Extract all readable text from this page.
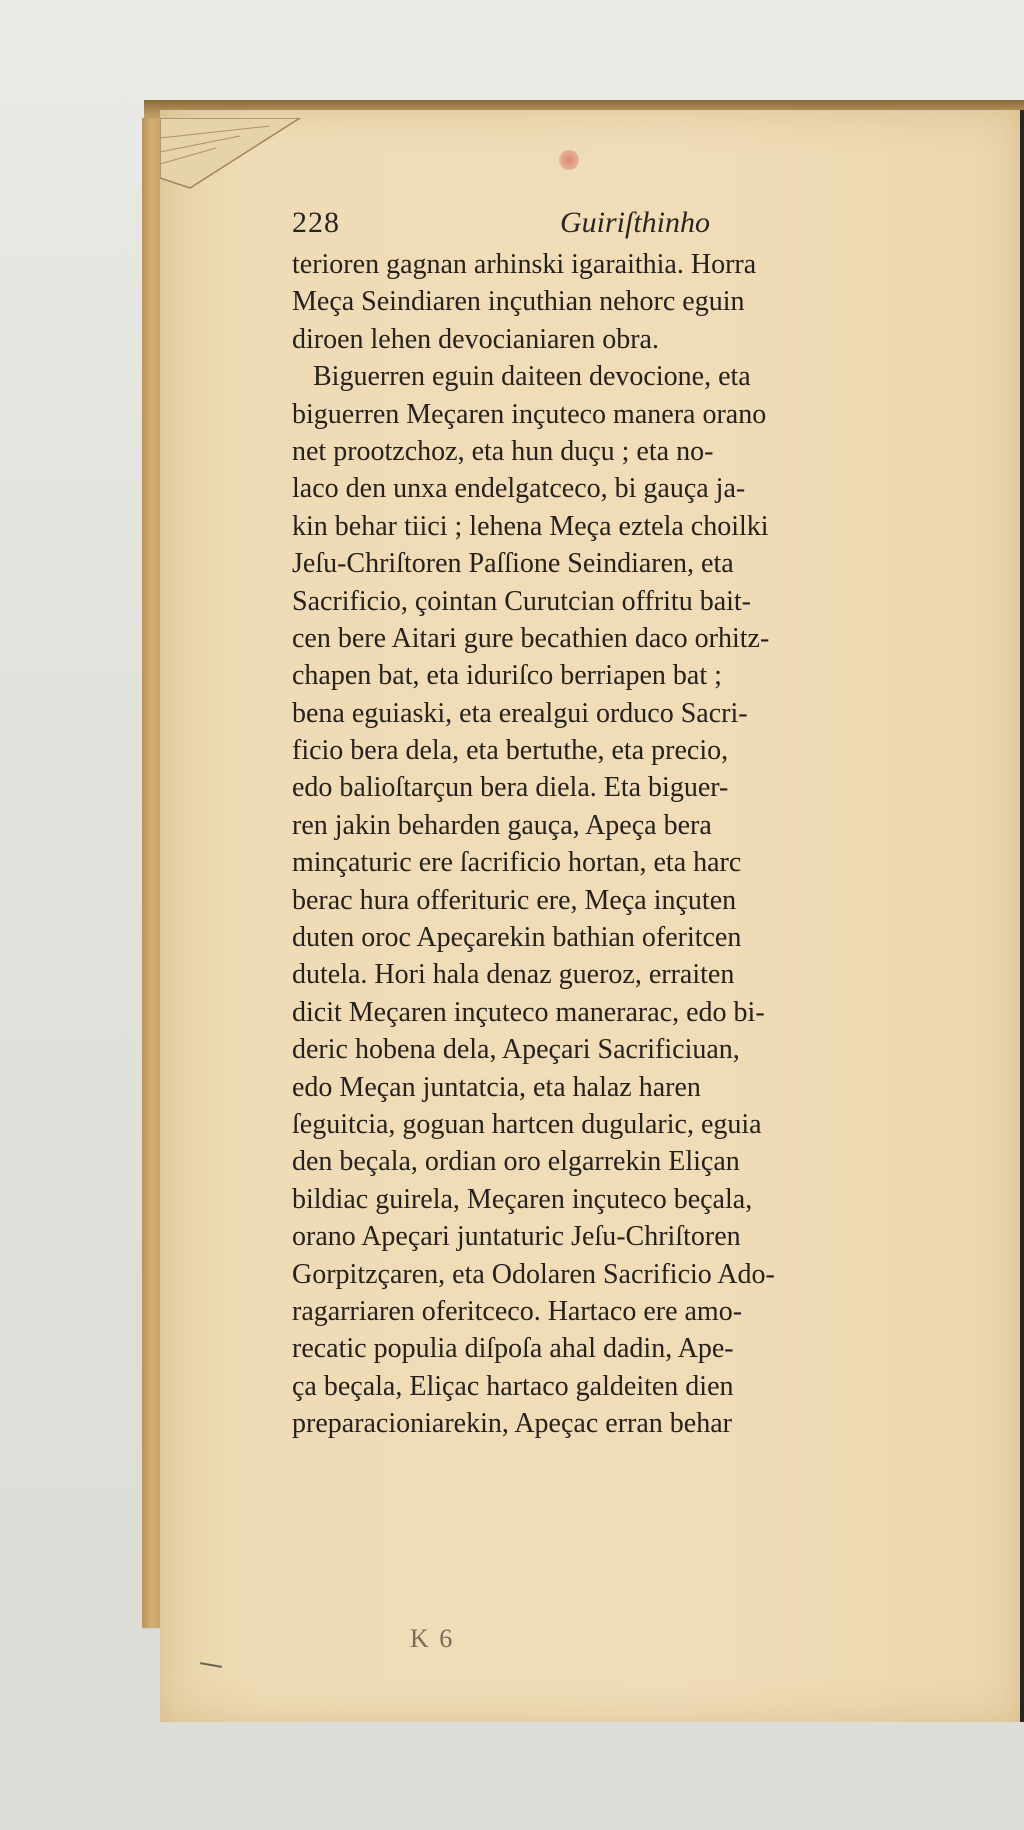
228	Guiriſthinho
terioren gagnan arhinski igaraithia. Horra
Meça Seindiaren inçuthian nehorc eguin
diroen lehen devocianiaren obra.
Biguerren eguin daiteen devocione, eta
biguerren Meçaren inçuteco manera orano
net prootzchoz, eta hun duçu ; eta no-
laco den unxa endelgatceco, bi gauça ja-
kin behar tiici ; lehena Meça eztela choilki
Jeſu-Chriſtoren Paſſione Seindiaren, eta
Sacrificio, çointan Curutcian offritu bait-
cen bere Aitari gure becathien daco orhitz-
chapen bat, eta iduriſco berriapen bat ;
bena eguiaski, eta erealgui orduco Sacri-
ficio bera dela, eta bertuthe, eta precio,
edo balioſtarçun bera diela. Eta biguer-
ren jakin beharden gauça, Apeça bera
minçaturic ere ſacrificio hortan, eta harc
berac hura offerituric ere, Meça inçuten
duten oroc Apeçarekin bathian oferitcen
dutela. Hori hala denaz gueroz, erraiten
dicit Meçaren inçuteco manerarac, edo bi-
deric hobena dela, Apeçari Sacrificiuan,
edo Meçan juntatcia, eta halaz haren
ſeguitcia, goguan hartcen dugularic, eguia
den beçala, ordian oro elgarrekin Eliçan
bildiac guirela, Meçaren inçuteco beçala,
orano Apeçari juntaturic Jeſu-Chriſtoren
Gorpitzçaren, eta Odolaren Sacrificio Ado-
ragarriaren oferitceco. Hartaco ere amo-
recatic populia diſpoſa ahal dadin, Ape-
ça beçala, Eliçac hartaco galdeiten dien
preparacioniarekin, Apeçac erran behar
K 6
